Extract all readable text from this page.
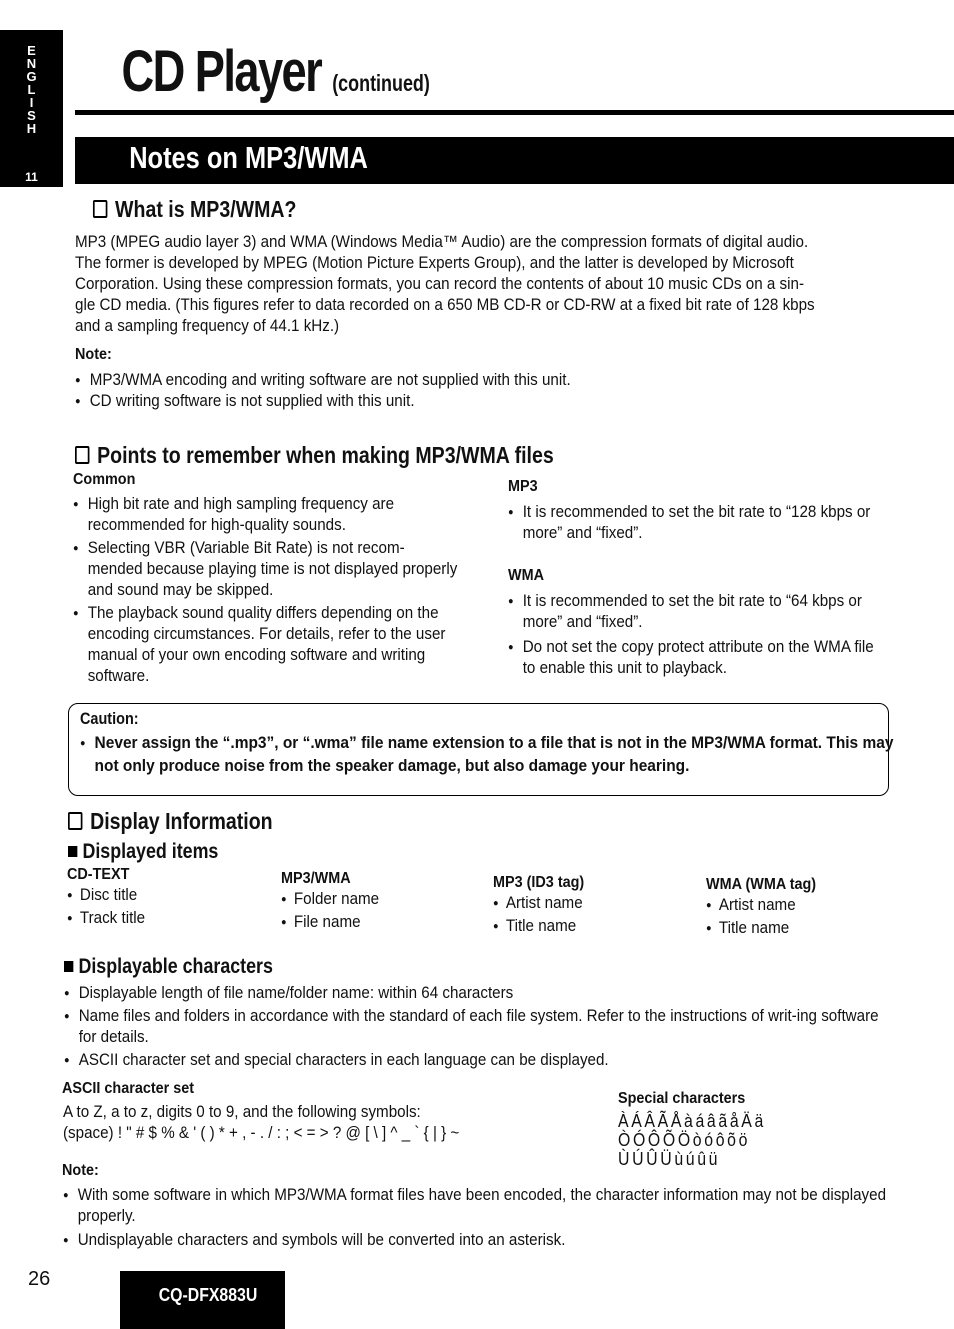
E
N
G
L
I
S
H
11
CD Player (continued)
Notes on MP3/WMA
What is MP3/WMA?
MP3 (MPEG audio layer 3) and WMA (Windows Media™ Audio) are the compression formats of digital audio.
The former is developed by MPEG (Motion Picture Experts Group), and the latter is developed by Microsoft
Corporation. Using these compression formats, you can record the contents of about 10 music CDs on a sin-
gle CD media. (This figures refer to data recorded on a 650 MB CD-R or CD-RW at a fixed bit rate of 128 kbps
and a sampling frequency of 44.1 kHz.)
Note:
● MP3/WMA encoding and writing software are not supplied with this unit.
● CD writing software is not supplied with this unit.
Points to remember when making MP3/WMA files
Common
● High bit rate and high sampling frequency are recommended for high-quality sounds.
● Selecting VBR (Variable Bit Rate) is not recom-mended because playing time is not displayed properly and sound may be skipped.
● The playback sound quality differs depending on the encoding circumstances. For details, refer to the user manual of your own encoding software and writing software.
MP3
● It is recommended to set the bit rate to “128 kbps or more” and “fixed”.
WMA
● It is recommended to set the bit rate to “64 kbps or more” and “fixed”.
● Do not set the copy protect attribute on the WMA file to enable this unit to playback.
Caution:
● Never assign the “.mp3”, or “.wma” file name extension to a file that is not in the MP3/WMA format. This may not only produce noise from the speaker damage, but also damage your hearing.
Display Information
Displayed items
CD-TEXT
● Disc title
● Track title
MP3/WMA
● Folder name
● File name
MP3 (ID3 tag)
● Artist name
● Title name
WMA (WMA tag)
● Artist name
● Title name
Displayable characters
● Displayable length of file name/folder name: within 64 characters
● Name files and folders in accordance with the standard of each file system. Refer to the instructions of writ-ing software for details.
● ASCII character set and special characters in each language can be displayed.
ASCII character set
A to Z, a to z, digits 0 to 9, and the following symbols:
(space) ! " # $ % & ' ( ) * + , - . / : ; < = > ? @ [ \ ] ^ _ ` { | } ~
Special characters
ÀÁÂÃÅàáâãåÄä
ÒÓÔÕÖòóôõö
ÙÚÛÜùúûü
Note:
● With some software in which MP3/WMA format files have been encoded, the character information may not be displayed properly.
● Undisplayable characters and symbols will be converted into an asterisk.
26
CQ-DFX883U
